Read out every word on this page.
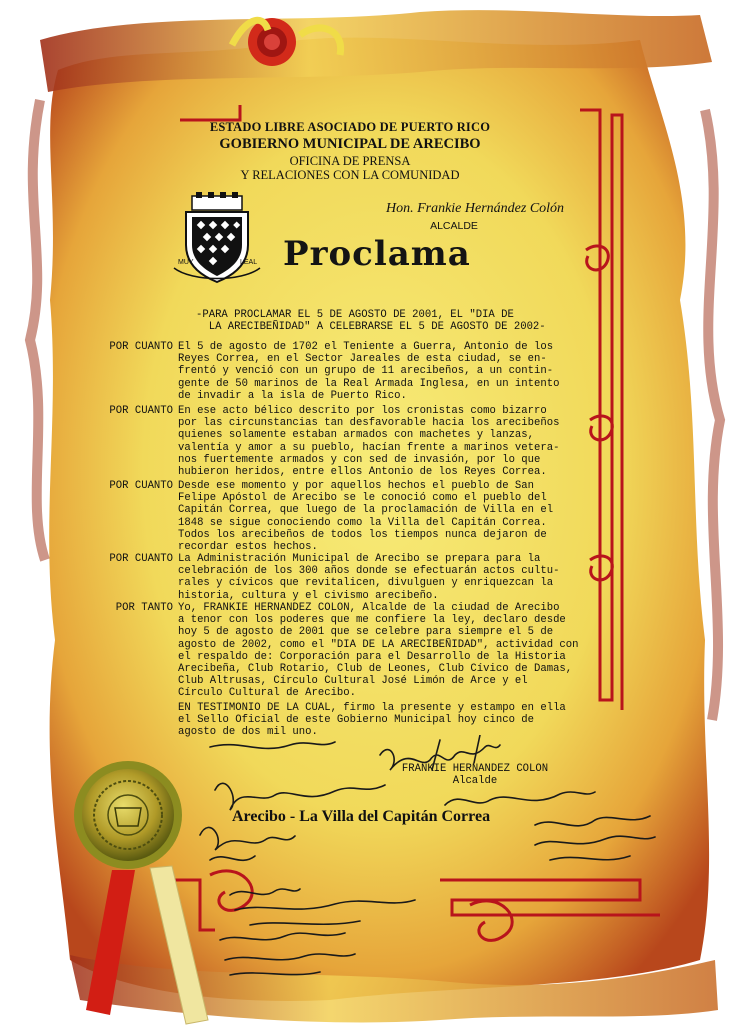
ESTADO LIBRE ASOCIADO DE PUERTO RICO
GOBIERNO MUNICIPAL DE ARECIBO
OFICINA DE PRENSA
Y RELACIONES CON LA COMUNIDAD
Hon. Frankie Hernández Colón
ALCALDE
MUY	LEAL Proclama
-PARA PROCLAMAR EL 5 DE AGOSTO DE 2001, EL "DIA DE
LA ARECIBEÑIDAD" A CELEBRARSE EL 5 DE AGOSTO DE 2002-
POR CUANTO El 5 de agosto de 1702 el Teniente a Guerra, Antonio de los
Reyes Correa, en el Sector Jareales de esta ciudad, se en-
frentó y venció con un grupo de 11 arecibeños, a un contin-
gente de 50 marinos de la Real Armada Inglesa, en un intento
de invadir a la isla de Puerto Rico.
POR CUANTO En ese acto bélico descrito por los cronistas como bizarro
por las circunstancias tan desfavorable hacia los arecibeños
quienes solamente estaban armados con machetes y lanzas,
valentía y amor a su pueblo, hacían frente a marinos vetera-
nos fuertemente armados y con sed de invasión, por lo que
hubieron heridos, entre ellos Antonio de los Reyes Correa.
POR CUANTO Desde ese momento y por aquellos hechos el pueblo de San
Felipe Apóstol de Arecibo se le conoció como el pueblo del
Capitán Correa, que luego de la proclamación de Villa en el
1848 se sigue conociendo como la Villa del Capitán Correa.
Todos los arecibeños de todos los tiempos nunca dejaron de
recordar estos hechos.
POR CUANTO La Administración Municipal de Arecibo se prepara para la
celebración de los 300 años donde se efectuarán actos cultu-
rales y cívicos que revitalicen, divulguen y enriquezcan la
historia, cultura y el civismo arecibeño.
POR TANTO Yo, FRANKIE HERNANDEZ COLON, Alcalde de la ciudad de Arecibo
a tenor con los poderes que me confiere la ley, declaro desde
hoy 5 de agosto de 2001 que se celebre para siempre el 5 de
agosto de 2002, como el "DIA DE LA ARECIBEÑIDAD", actividad con
el respaldo de: Corporación para el Desarrollo de la Historia
Arecibeña, Club Rotario, Club de Leones, Club Cívico de Damas,
Club Altrusas, Círculo Cultural José Limón de Arce y el
Círculo Cultural de Arecibo.
EN TESTIMONIO DE LA CUAL, firmo la presente y estampo en ella
el Sello Oficial de este Gobierno Municipal hoy cinco de
agosto de dos mil uno.
FRANKIE HERNANDEZ COLON
Alcalde
Arecibo - La Villa del Capitán Correa
